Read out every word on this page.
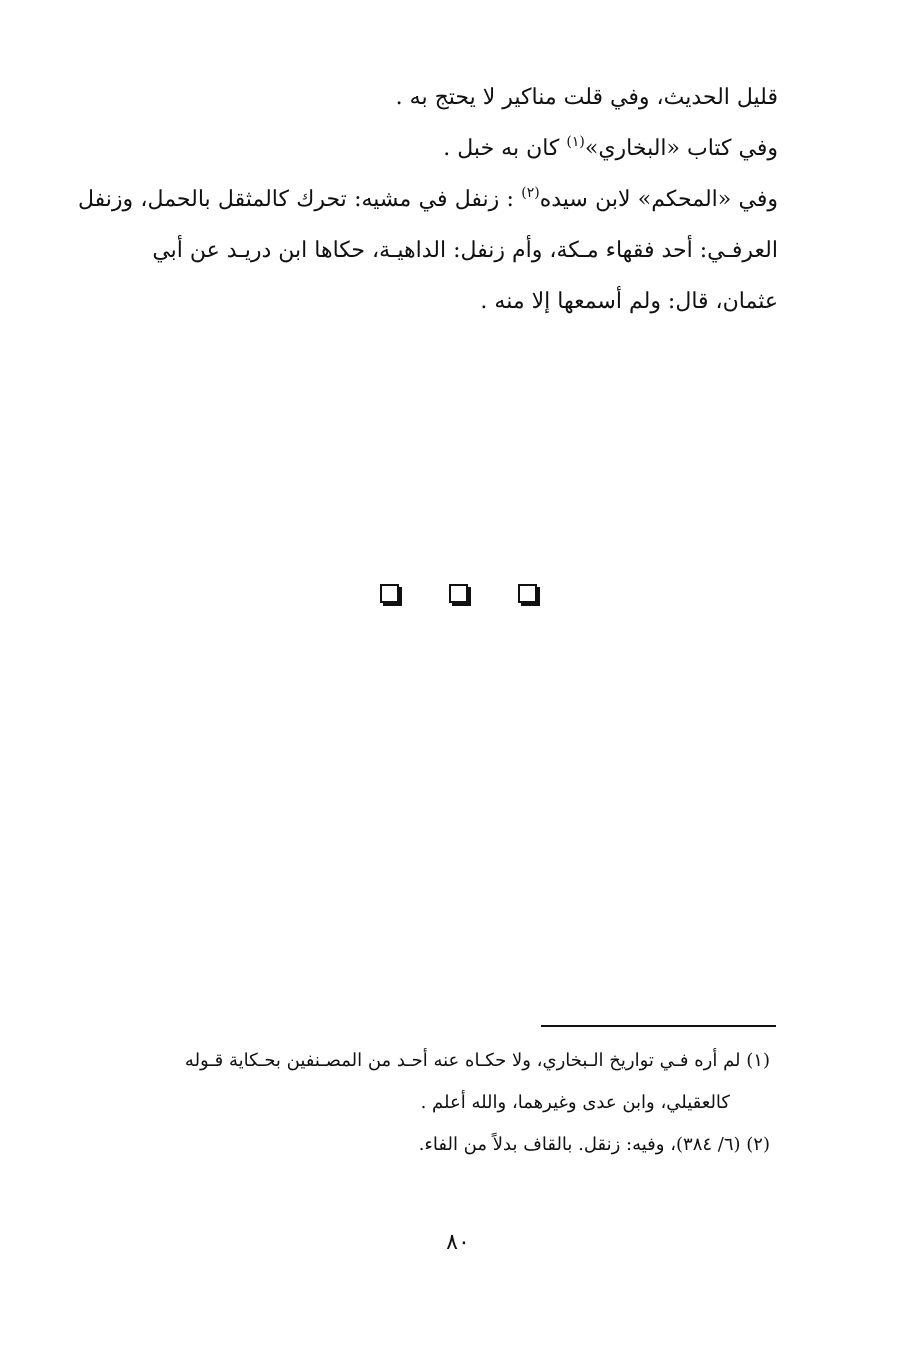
قليل الحديث، وفي قلت مناكير لا يحتج به .

وفي كتاب «البخاري»$^{(١)}$ كان به خبل .

وفي «المحكم» لابن سيده$^{(٢)}$ : زنفل في مشيه: تحرك كالمثقل بالحمل، وزنفل العرفـي: أحد فقهاء مـكة، وأم زنفل: الداهيـة، حكاها ابن دريـد عن أبي

عثمان، قال: ولم أسمعها إلا منه .

(١) لم أره فـي تواريخ الـبخاري، ولا حكـاه عنه أحـد من المصـنفين بحـكاية قـوله

كالعقيلي، وابن عدى وغيرهما، والله أعلم .

(٢) (٦/ ٣٨٤)، وفيه: زنقل. بالقاف بدلاً من الفاء.

٨٠
